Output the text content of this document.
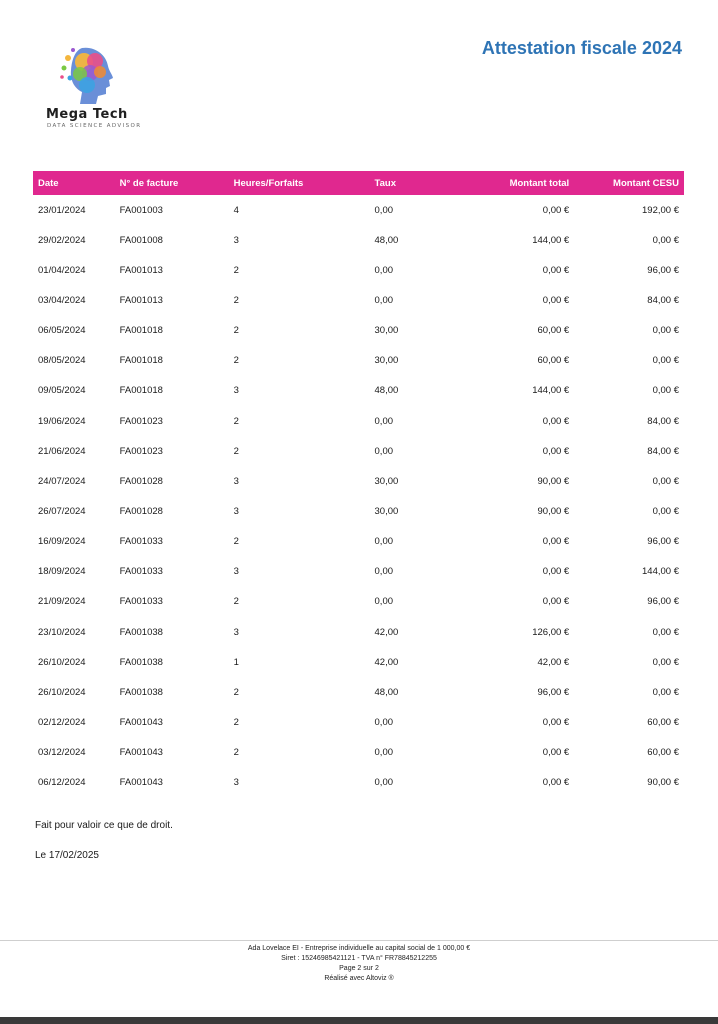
Mega Tech
DATA SCIENCE ADVISOR
Attestation fiscale 2024
Date	N° de facture	Heures/Forfaits	Taux	Montant total	Montant CESU
23/01/2024	FA001003	4	0,00	0,00 €	192,00 €
29/02/2024	FA001008	3	48,00	144,00 €	0,00 €
01/04/2024	FA001013	2	0,00	0,00 €	96,00 €
03/04/2024	FA001013	2	0,00	0,00 €	84,00 €
06/05/2024	FA001018	2	30,00	60,00 €	0,00 €
08/05/2024	FA001018	2	30,00	60,00 €	0,00 €
09/05/2024	FA001018	3	48,00	144,00 €	0,00 €
19/06/2024	FA001023	2	0,00	0,00 €	84,00 €
21/06/2024	FA001023	2	0,00	0,00 €	84,00 €
24/07/2024	FA001028	3	30,00	90,00 €	0,00 €
26/07/2024	FA001028	3	30,00	90,00 €	0,00 €
16/09/2024	FA001033	2	0,00	0,00 €	96,00 €
18/09/2024	FA001033	3	0,00	0,00 €	144,00 €
21/09/2024	FA001033	2	0,00	0,00 €	96,00 €
23/10/2024	FA001038	3	42,00	126,00 €	0,00 €
26/10/2024	FA001038	1	42,00	42,00 €	0,00 €
26/10/2024	FA001038	2	48,00	96,00 €	0,00 €
02/12/2024	FA001043	2	0,00	0,00 €	60,00 €
03/12/2024	FA001043	2	0,00	0,00 €	60,00 €
06/12/2024	FA001043	3	0,00	0,00 €	90,00 €
Fait pour valoir ce que de droit.
Le 17/02/2025
Ada Lovelace EI - Entreprise individuelle au capital social de 1 000,00 €
Siret : 15246985421121 - TVA n° FR78845212255
Page 2 sur 2
Réalisé avec Altoviz ®
